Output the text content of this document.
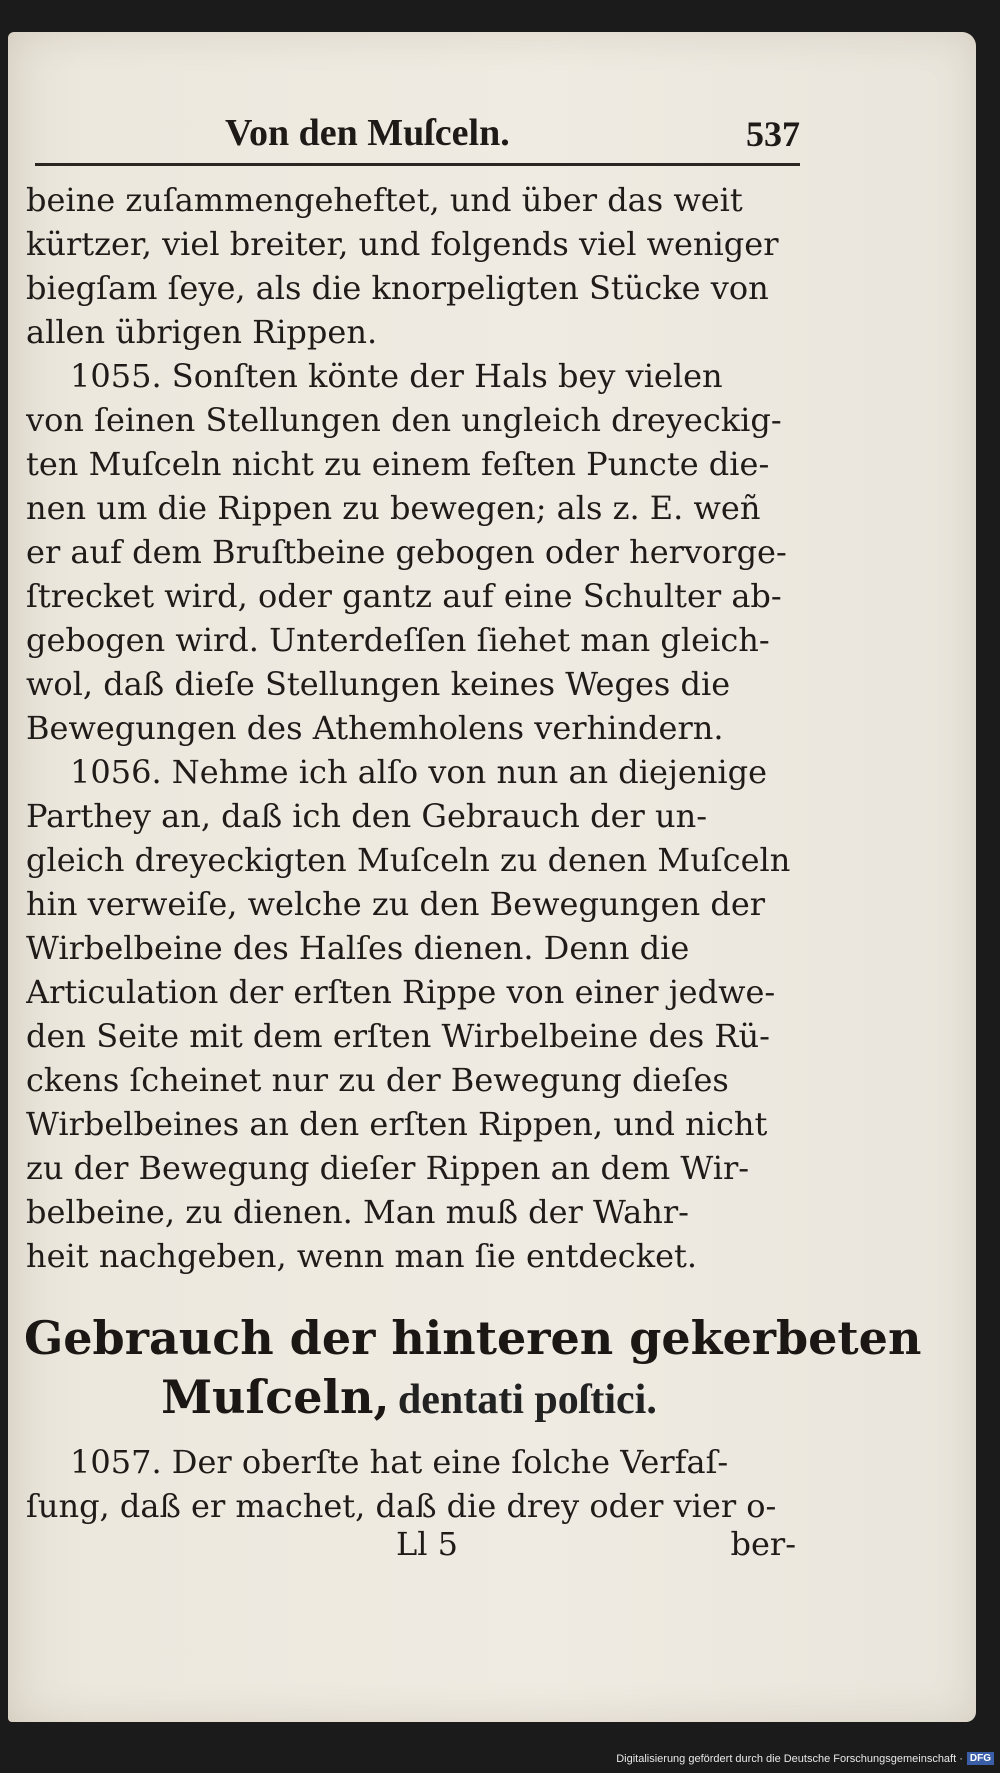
Von den Muſceln.	537
beine zuſammengeheftet, und über das weit
kürtzer, viel breiter, und folgends viel weniger
biegſam ſeye, als die knorpeligten Stücke von
allen übrigen Rippen.
1055. Sonſten könte der Hals bey vielen
von ſeinen Stellungen den ungleich dreyeckig-
ten Muſceln nicht zu einem feſten Puncte die-
nen um die Rippen zu bewegen; als z. E. weñ
er auf dem Bruſtbeine gebogen oder hervorge-
ſtrecket wird, oder gantz auf eine Schulter ab-
gebogen wird. Unterdeſſen ſiehet man gleich-
wol, daß dieſe Stellungen keines Weges die
Bewegungen des Athemholens verhindern.
1056. Nehme ich alſo von nun an diejenige
Parthey an, daß ich den Gebrauch der un-
gleich dreyeckigten Muſceln zu denen Muſceln
hin verweiſe, welche zu den Bewegungen der
Wirbelbeine des Halſes dienen. Denn die
Articulation der erſten Rippe von einer jedwe-
den Seite mit dem erſten Wirbelbeine des Rü-
ckens ſcheinet nur zu der Bewegung dieſes
Wirbelbeines an den erſten Rippen, und nicht
zu der Bewegung dieſer Rippen an dem Wir-
belbeine, zu dienen. Man muß der Wahr-
heit nachgeben, wenn man ſie entdecket.
Gebrauch der hinteren gekerbeten
Muſceln, dentati poſtici.
1057. Der oberſte hat eine ſolche Verfaſ-
ſung, daß er machet, daß die drey oder vier o-
Ll 5	ber-
Digitalisierung gefördert durch die Deutsche Forschungsgemeinschaft · DFG
